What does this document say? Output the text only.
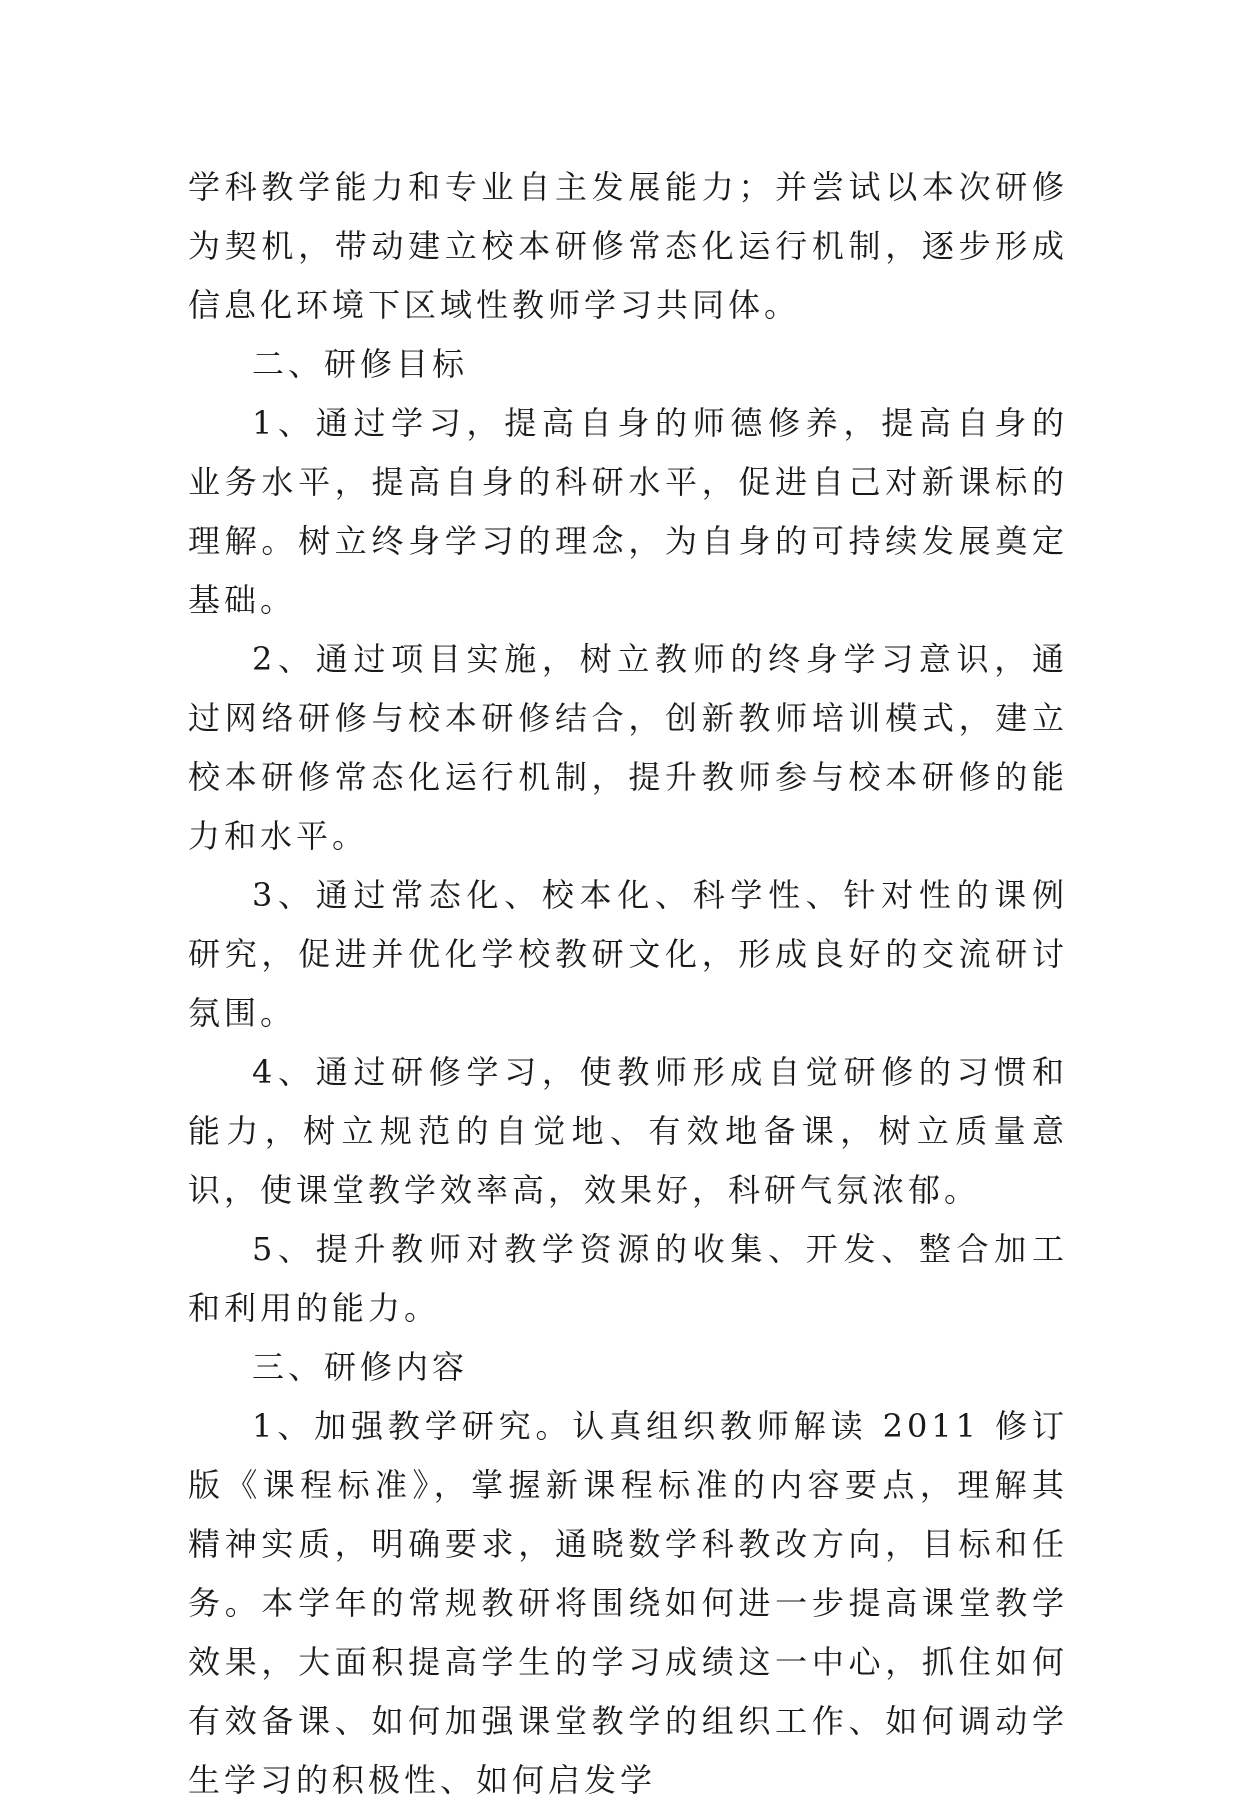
学科教学能力和专业自主发展能力；并尝试以本次研修为契机，带动建立校本研修常态化运行机制，逐步形成信息化环境下区域性教师学习共同体。

二、研修目标

1、通过学习，提高自身的师德修养，提高自身的业务水平，提高自身的科研水平，促进自己对新课标的理解。树立终身学习的理念，为自身的可持续发展奠定基础。

2、通过项目实施，树立教师的终身学习意识，通过网络研修与校本研修结合，创新教师培训模式，建立校本研修常态化运行机制，提升教师参与校本研修的能力和水平。

3、通过常态化、校本化、科学性、针对性的课例研究，促进并优化学校教研文化，形成良好的交流研讨氛围。

4、通过研修学习，使教师形成自觉研修的习惯和能力，树立规范的自觉地、有效地备课，树立质量意识，使课堂教学效率高，效果好，科研气氛浓郁。

5、提升教师对教学资源的收集、开发、整合加工和利用的能力。

三、研修内容

1、加强教学研究。认真组织教师解读 2011 修订版《课程标准》，掌握新课程标准的内容要点，理解其精神实质，明确要求，通晓数学科教改方向，目标和任务。本学年的常规教研将围绕如何进一步提高课堂教学效果，大面积提高学生的学习成绩这一中心，抓住如何有效备课、如何加强课堂教学的组织工作、如何调动学生学习的积极性、如何启发学
